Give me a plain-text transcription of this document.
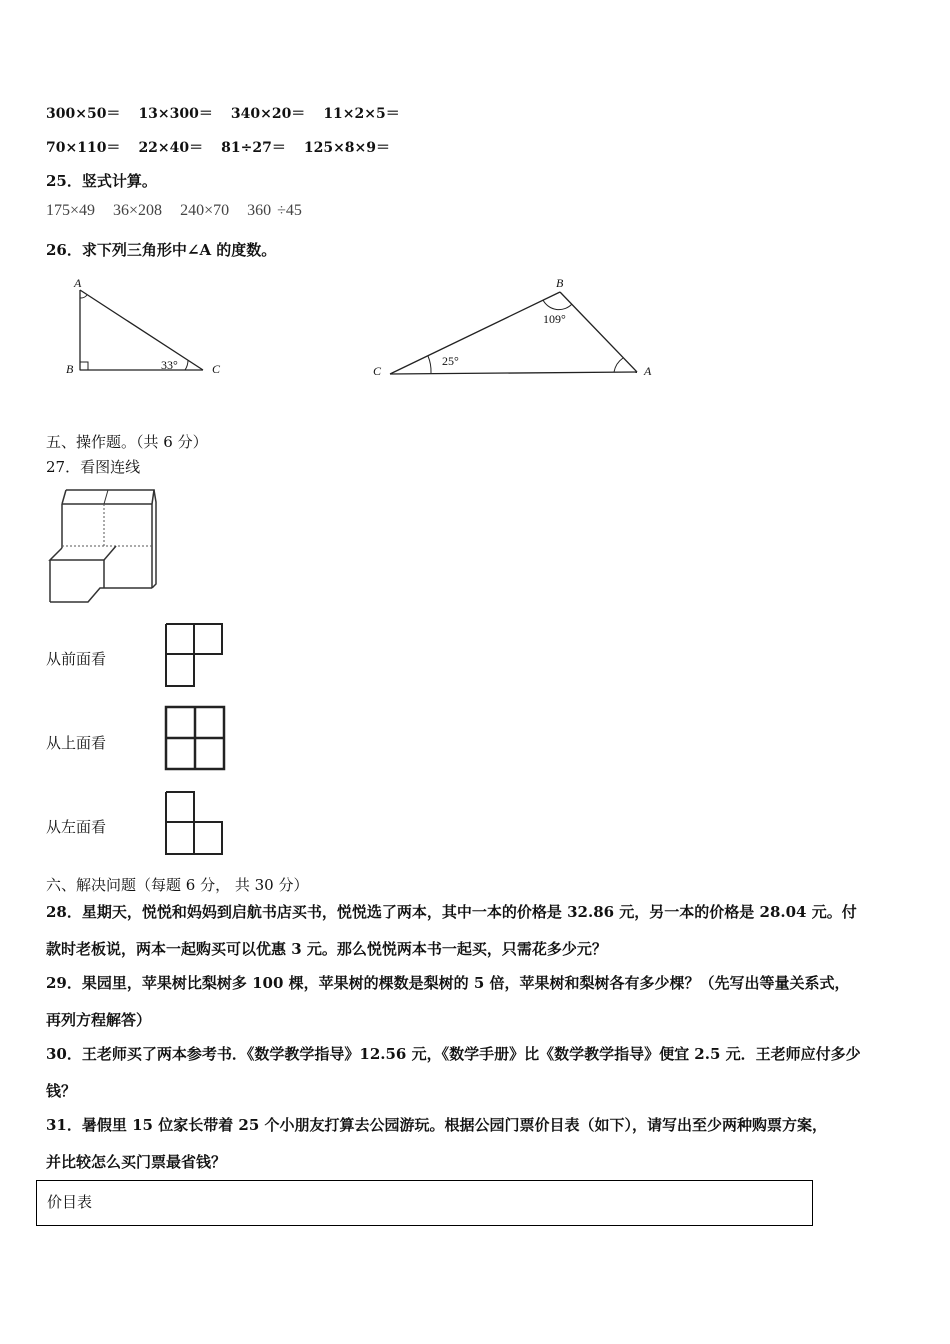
300×50＝ 13×300＝ 340×20＝ 11×2×5＝
70×110＝ 22×40＝ 81÷27＝ 125×8×9＝
25．竖式计算。
175×49 36×208 240×70 360 ÷45
26．求下列三角形中∠A 的度数。
A
B	C
33°
B
C	A
109°
25°
五、操作题。（共 6 分）
27．看图连线
从前面看
从上面看
从左面看
六、解决问题（每题 6 分， 共 30 分）
28．星期天，悦悦和妈妈到启航书店买书，悦悦选了两本，其中一本的价格是 32.86 元，另一本的价格是 28.04 元。付
款时老板说，两本一起购买可以优惠 3 元。那么悦悦两本书一起买，只需花多少元？
29．果园里，苹果树比梨树多 100 棵，苹果树的棵数是梨树的 5 倍，苹果树和梨树各有多少棵？（先写出等量关系式，
再列方程解答）
30．王老师买了两本参考书．《数学教学指导》12.56 元，《数学手册》比《数学教学指导》便宜 2.5 元．王老师应付多少
钱？
31．暑假里 15 位家长带着 25 个小朋友打算去公园游玩。根据公园门票价目表（如下），请写出至少两种购票方案，
并比较怎么买门票最省钱？
价目表
